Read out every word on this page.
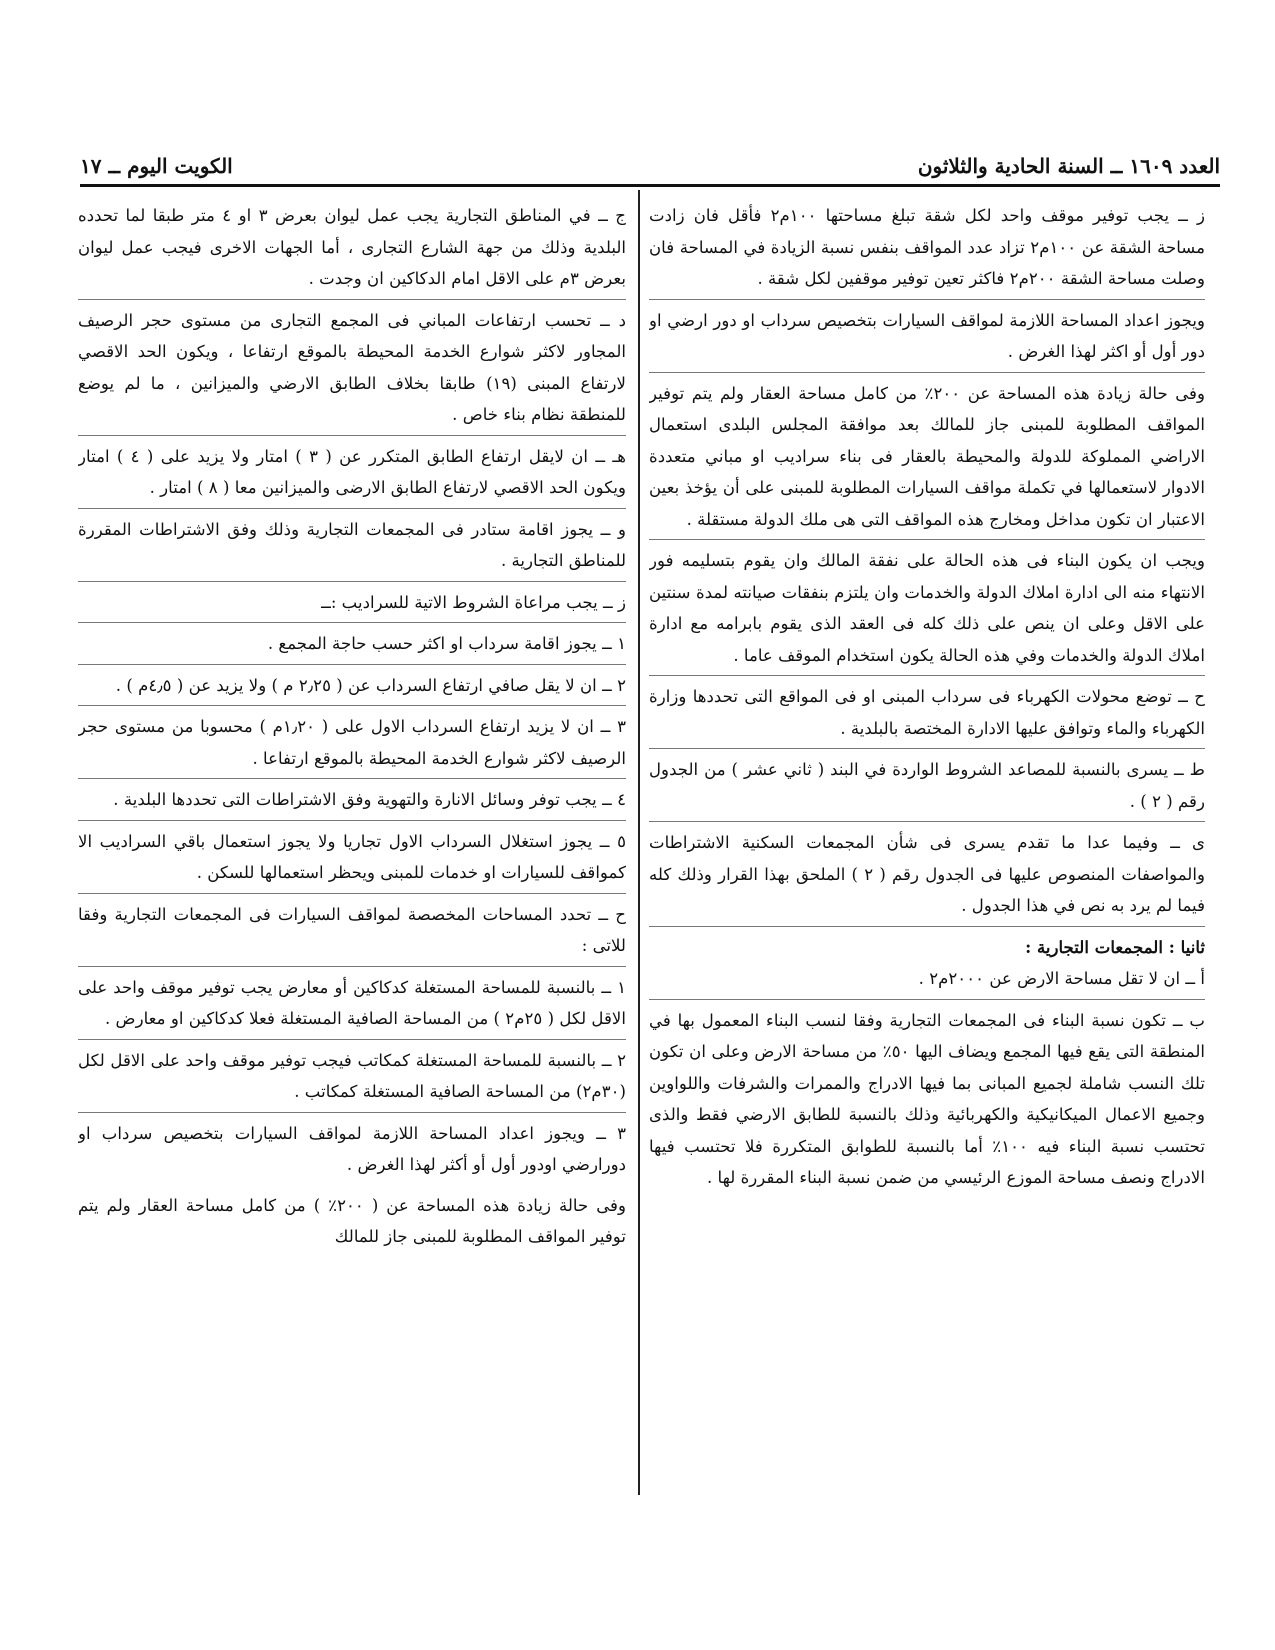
العدد ١٦٠٩ ــ السنة الحادية والثلاثون
الكويت اليوم ــ ١٧

ز ــ يجب توفير موقف واحد لكل شقة تبلغ مساحتها ١٠٠م٢ فأقل فان زادت مساحة الشقة عن ١٠٠م٢ تزاد عدد المواقف بنفس نسبة الزيادة في المساحة فان وصلت مساحة الشقة ٢٠٠م٢ فاكثر تعين توفير موقفين لكل شقة .

ويجوز اعداد المساحة اللازمة لمواقف السيارات بتخصيص سرداب او دور ارضي او دور أول أو اكثر لهذا الغرض .

وفى حالة زيادة هذه المساحة عن ٢٠٠٪ من كامل مساحة العقار ولم يتم توفير المواقف المطلوبة للمبنى جاز للمالك بعد موافقة المجلس البلدى استعمال الاراضي المملوكة للدولة والمحيطة بالعقار فى بناء سراديب او مباني متعددة الادوار لاستعمالها في تكملة مواقف السيارات المطلوبة للمبنى على أن يؤخذ بعين الاعتبار ان تكون مداخل ومخارج هذه المواقف التى هى ملك الدولة مستقلة .

ويجب ان يكون البناء فى هذه الحالة على نفقة المالك وان يقوم بتسليمه فور الانتهاء منه الى ادارة املاك الدولة والخدمات وان يلتزم بنفقات صيانته لمدة سنتين على الاقل وعلى ان ينص على ذلك كله فى العقد الذى يقوم بابرامه مع ادارة املاك الدولة والخدمات وفي هذه الحالة يكون استخدام الموقف عاما .

ح ــ توضع محولات الكهرباء فى سرداب المبنى او فى المواقع التى تحددها وزارة الكهرباء والماء وتوافق عليها الادارة المختصة بالبلدية .

ط ــ يسرى بالنسبة للمصاعد الشروط الواردة في البند ( ثاني عشر ) من الجدول رقم ( ٢ ) .

ى ــ وفيما عدا ما تقدم يسرى فى شأن المجمعات السكنية الاشتراطات والمواصفات المنصوص عليها فى الجدول رقم ( ٢ ) الملحق بهذا القرار وذلك كله فيما لم يرد به نص في هذا الجدول .

ثانيا : المجمعات التجارية :

أ ــ ان لا تقل مساحة الارض عن ٢٠٠٠م٢ .

ب ــ تكون نسبة البناء فى المجمعات التجارية وفقا لنسب البناء المعمول بها في المنطقة التى يقع فيها المجمع ويضاف اليها ٥٠٪ من مساحة الارض وعلى ان تكون تلك النسب شاملة لجميع المبانى بما فيها الادراج والممرات والشرفات واللواوين وجميع الاعمال الميكانيكية والكهربائية وذلك بالنسبة للطابق الارضي فقط والذى تحتسب نسبة البناء فيه ١٠٠٪ أما بالنسبة للطوابق المتكررة فلا تحتسب فيها الادراج ونصف مساحة الموزع الرئيسي من ضمن نسبة البناء المقررة لها .

ج ــ في المناطق التجارية يجب عمل ليوان بعرض ٣ او ٤ متر طبقا لما تحدده البلدية وذلك من جهة الشارع التجارى ، أما الجهات الاخرى فيجب عمل ليوان بعرض ٣م على الاقل امام الدكاكين ان وجدت .

د ــ تحسب ارتفاعات المباني فى المجمع التجارى من مستوى حجر الرصيف المجاور لاكثر شوارع الخدمة المحيطة بالموقع ارتفاعا ، ويكون الحد الاقصي لارتفاع المبنى (١٩) طابقا بخلاف الطابق الارضي والميزانين ، ما لم يوضع للمنطقة نظام بناء خاص .

هـ ــ ان لايقل ارتفاع الطابق المتكرر عن ( ٣ ) امتار ولا يزيد على ( ٤ ) امتار ويكون الحد الاقصي لارتفاع الطابق الارضى والميزانين معا ( ٨ ) امتار .

و ــ يجوز اقامة ستادر فى المجمعات التجارية وذلك وفق الاشتراطات المقررة للمناطق التجارية .

ز ــ يجب مراعاة الشروط الاتية للسراديب :ــ

١ ــ يجوز اقامة سرداب او اكثر حسب حاجة المجمع .

٢ ــ ان لا يقل صافي ارتفاع السرداب عن ( ٢٫٢٥ م ) ولا يزيد عن ( ٤٫٥م ) .

٣ ــ ان لا يزيد ارتفاع السرداب الاول على ( ١٫٢٠م ) محسوبا من مستوى حجر الرصيف لاكثر شوارع الخدمة المحيطة بالموقع ارتفاعا .

٤ ــ يجب توفر وسائل الانارة والتهوية وفق الاشتراطات التى تحددها البلدية .

٥ ــ يجوز استغلال السرداب الاول تجاريا ولا يجوز استعمال باقي السراديب الا كمواقف للسيارات او خدمات للمبنى ويحظر استعمالها للسكن .

ح ــ تحدد المساحات المخصصة لمواقف السيارات فى المجمعات التجارية وفقا للاتى :

١ ــ بالنسبة للمساحة المستغلة كدكاكين أو معارض يجب توفير موقف واحد على الاقل لكل ( ٢٥م٢ ) من المساحة الصافية المستغلة فعلا كدكاكين او معارض .

٢ ــ بالنسبة للمساحة المستغلة كمكاتب فيجب توفير موقف واحد على الاقل لكل (٣٠م٢) من المساحة الصافية المستغلة كمكاتب .

٣ ــ ويجوز اعداد المساحة اللازمة لمواقف السيارات بتخصيص سرداب او دورارضي اودور أول أو أكثر لهذا الغرض .

وفى حالة زيادة هذه المساحة عن ( ٢٠٠٪ ) من كامل مساحة العقار ولم يتم توفير المواقف المطلوبة للمبنى جاز للمالك
